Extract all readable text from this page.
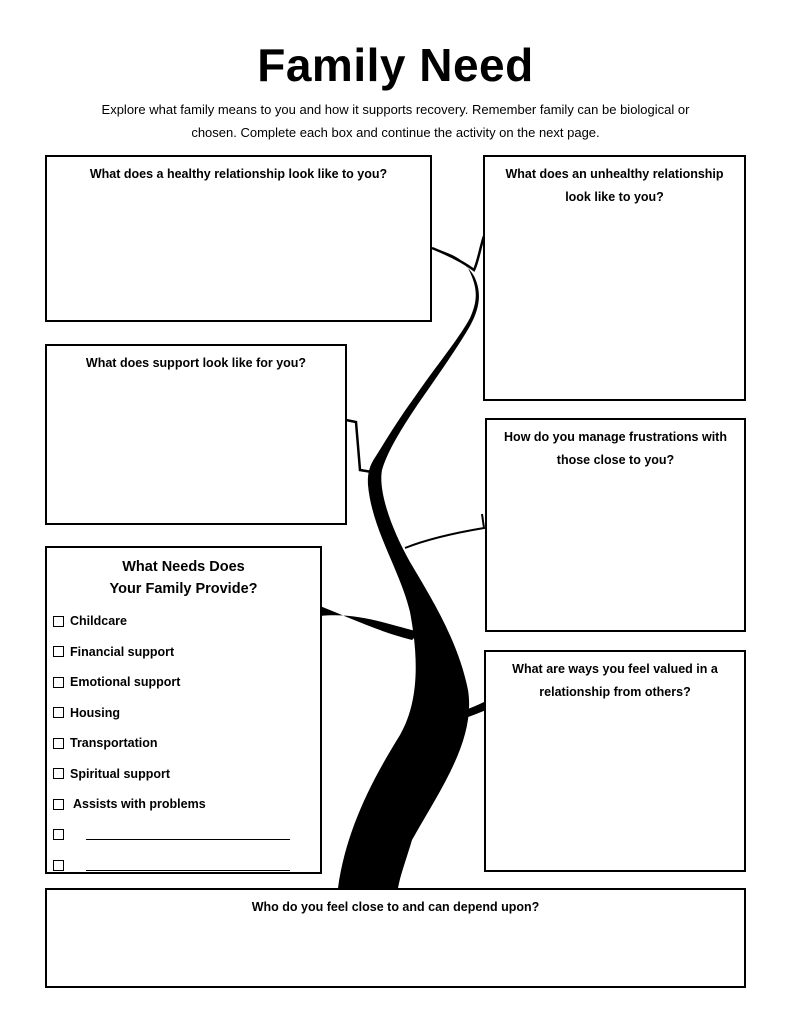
Family Need
Explore what family means to you and how it supports recovery. Remember family can be biological or
chosen. Complete each box and continue the activity on the next page.
What does a healthy relationship look like to you?	What does an unhealthy relationship
look like to you?
What does support look like for you?
How do you manage frustrations with
those close to you?
What Needs Does
Your Family Provide?
Childcare
Financial support
Emotional support
Housing
Transportation
Spiritual support
Assists with problems
What are ways you feel valued in a
relationship from others?
Who do you feel close to and can depend upon?
